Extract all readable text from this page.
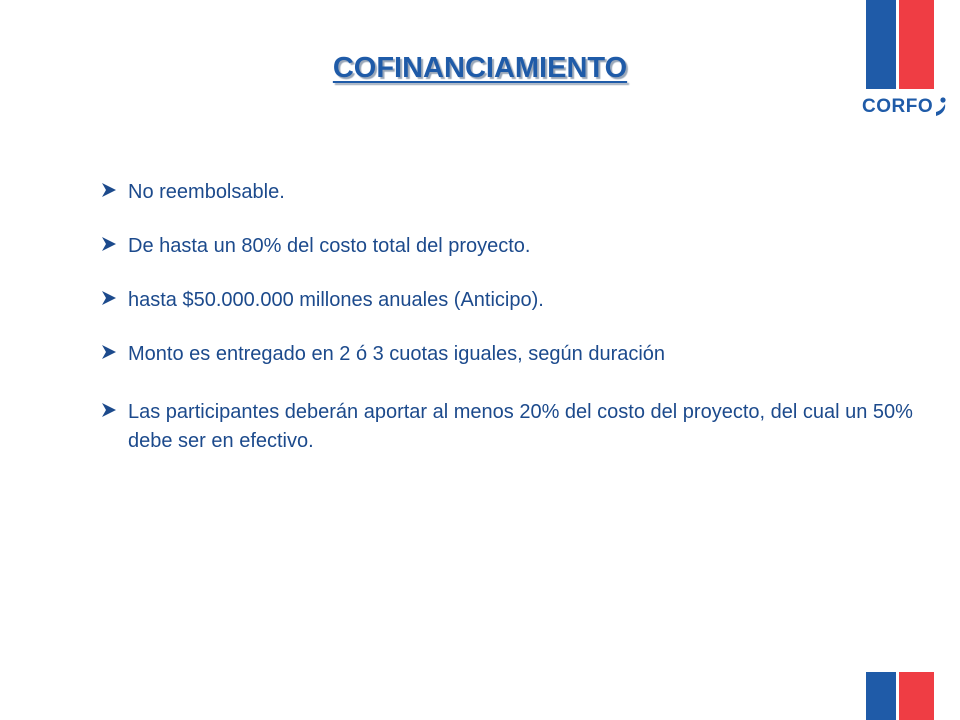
CORFO
COFINANCIAMIENTO
No reembolsable.
De hasta un 80% del costo total del proyecto.
hasta $50.000.000 millones anuales (Anticipo).
Monto es entregado en 2 ó 3 cuotas iguales, según duración
Las participantes deberán aportar al menos 20% del costo del proyecto, del cual un 50% debe ser en efectivo.
